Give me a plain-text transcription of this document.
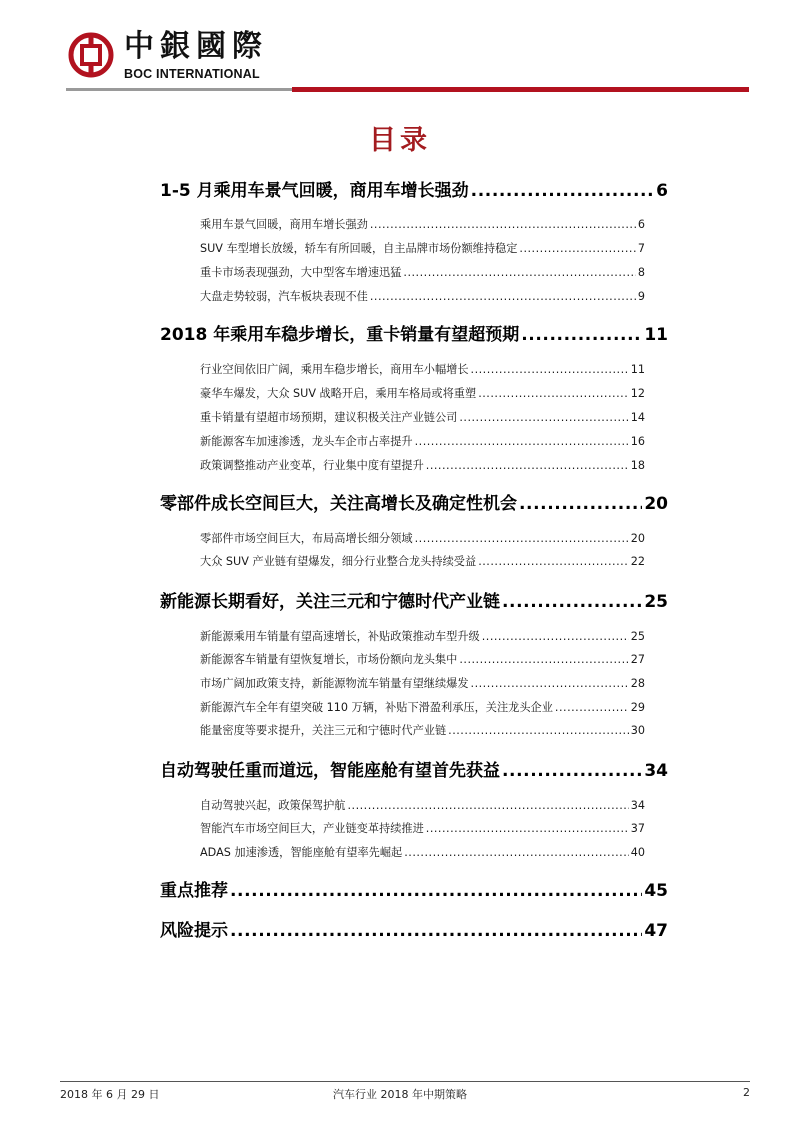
中銀國際
BOC INTERNATIONAL
目录
1-5 月乘用车景气回暖，商用车增长强劲 .....	6
乘用车景气回暖，商用车增长强劲 .....	6
SUV 车型增长放缓，轿车有所回暖，自主品牌市场份额维持稳定 .....	7
重卡市场表现强劲，大中型客车增速迅猛 .....	8
大盘走势较弱，汽车板块表现不佳 .....	9
2018 年乘用车稳步增长，重卡销量有望超预期 .....	11
行业空间依旧广阔，乘用车稳步增长，商用车小幅增长 .....	11
豪华车爆发，大众 SUV 战略开启，乘用车格局或将重塑 .....	12
重卡销量有望超市场预期，建议积极关注产业链公司 .....	14
新能源客车加速渗透，龙头车企市占率提升 .....	16
政策调整推动产业变革，行业集中度有望提升 .....	18
零部件成长空间巨大，关注高增长及确定性机会 .....	20
零部件市场空间巨大，布局高增长细分领域 .....	20
大众 SUV 产业链有望爆发，细分行业整合龙头持续受益 .....	22
新能源长期看好，关注三元和宁德时代产业链 .....	25
新能源乘用车销量有望高速增长，补贴政策推动车型升级 .....	25
新能源客车销量有望恢复增长，市场份额向龙头集中 .....	27
市场广阔加政策支持，新能源物流车销量有望继续爆发 .....	28
新能源汽车全年有望突破 110 万辆，补贴下滑盈利承压，关注龙头企业 .....	29
能量密度等要求提升，关注三元和宁德时代产业链 .....	30
自动驾驶任重而道远，智能座舱有望首先获益 .....	34
自动驾驶兴起，政策保驾护航 .....	34
智能汽车市场空间巨大，产业链变革持续推进 .....	37
ADAS 加速渗透，智能座舱有望率先崛起 .....	40
重点推荐 .....	45
风险提示 .....	47
2018 年 6 月 29 日	汽车行业 2018 年中期策略	2
